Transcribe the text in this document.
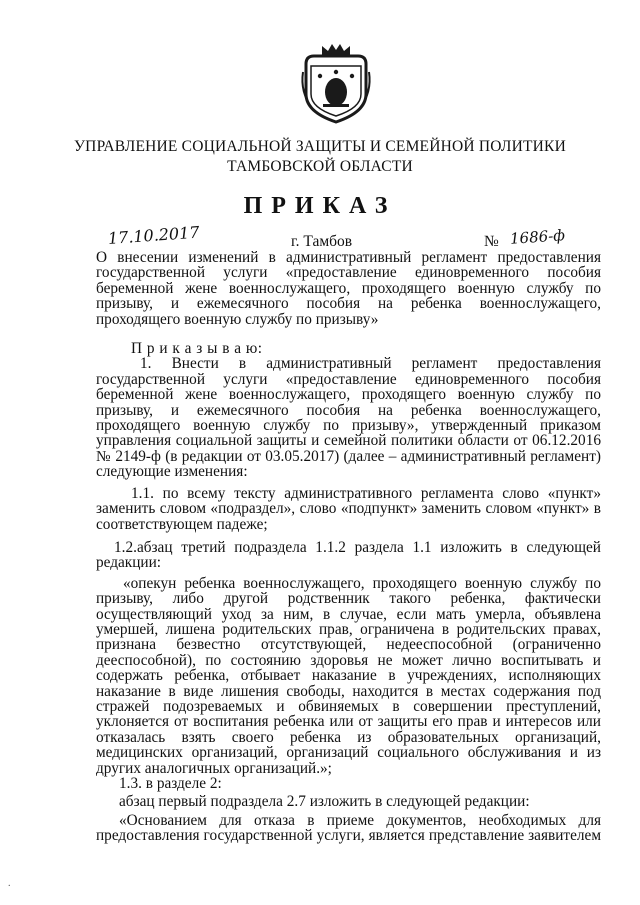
УПРАВЛЕНИЕ СОЦИАЛЬНОЙ ЗАЩИТЫ И СЕМЕЙНОЙ ПОЛИТИКИ
ТАМБОВСКОЙ ОБЛАСТИ
ПРИКАЗ
17.10.2017	г. Тамбов	№ 1686-ф
О внесении изменений в административный регламент предоставления
государственной услуги «предоставление единовременного пособия
беременной жене военнослужащего, проходящего военную службу по
призыву, и ежемесячного пособия на ребенка военнослужащего,
проходящего военную службу по призыву»
П р и к а з ы в а ю:
1. Внести в административный регламент предоставления
государственной услуги «предоставление единовременного пособия
беременной жене военнослужащего, проходящего военную службу по
призыву, и ежемесячного пособия на ребенка военнослужащего,
проходящего военную службу по призыву», утвержденный приказом
управления социальной защиты и семейной политики области от 06.12.2016
№ 2149-ф (в редакции от 03.05.2017) (далее – административный регламент)
следующие изменения:
1.1. по всему тексту административного регламента слово «пункт»
заменить словом «подраздел», слово «подпункт» заменить словом «пункт» в
соответствующем падеже;
1.2.абзац третий подраздела 1.1.2 раздела 1.1 изложить в следующей
редакции:
«опекун ребенка военнослужащего, проходящего военную службу по
призыву, либо другой родственник такого ребенка, фактически
осуществляющий уход за ним, в случае, если мать умерла, объявлена
умершей, лишена родительских прав, ограничена в родительских правах,
признана безвестно отсутствующей, недееспособной (ограниченно
дееспособной), по состоянию здоровья не может лично воспитывать и
содержать ребенка, отбывает наказание в учреждениях, исполняющих
наказание в виде лишения свободы, находится в местах содержания под
стражей подозреваемых и обвиняемых в совершении преступлений,
уклоняется от воспитания ребенка или от защиты его прав и интересов или
отказалась взять своего ребенка из образовательных организаций,
медицинских организаций, организаций социального обслуживания и из
других аналогичных организаций.»;
1.3. в разделе 2:
абзац первый подраздела 2.7 изложить в следующей редакции:
«Основанием для отказа в приеме документов, необходимых для
предоставления государственной услуги, является представление заявителем
.
